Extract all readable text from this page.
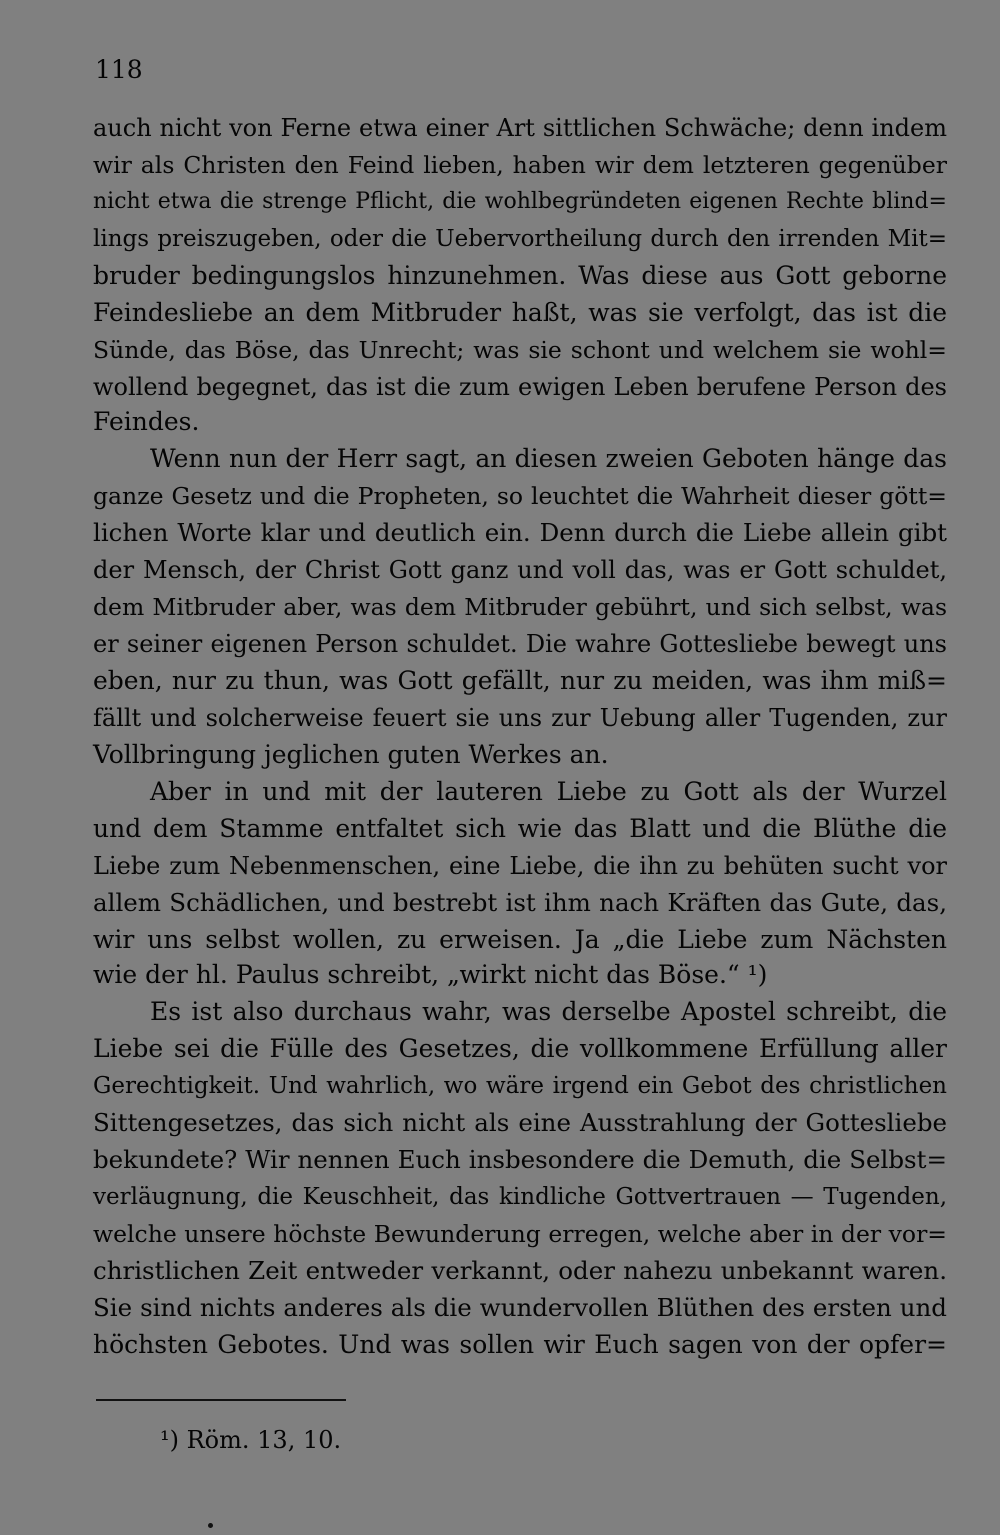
118

auch nicht von Ferne etwa einer Art sittlichen Schwäche; denn indem

wir als Christen den Feind lieben, haben wir dem letzteren gegenüber

nicht etwa die strenge Pflicht, die wohlbegründeten eigenen Rechte blind=

lings preiszugeben, oder die Uebervortheilung durch den irrenden Mit=

bruder bedingungslos hinzunehmen. Was diese aus Gott geborne

Feindesliebe an dem Mitbruder haßt, was sie verfolgt, das ist die

Sünde, das Böse, das Unrecht; was sie schont und welchem sie wohl=

wollend begegnet, das ist die zum ewigen Leben berufene Person des

Feindes.

Wenn nun der Herr sagt, an diesen zweien Geboten hänge das

ganze Gesetz und die Propheten, so leuchtet die Wahrheit dieser gött=

lichen Worte klar und deutlich ein. Denn durch die Liebe allein gibt

der Mensch, der Christ Gott ganz und voll das, was er Gott schuldet,

dem Mitbruder aber, was dem Mitbruder gebührt, und sich selbst, was

er seiner eigenen Person schuldet. Die wahre Gottesliebe bewegt uns

eben, nur zu thun, was Gott gefällt, nur zu meiden, was ihm miß=

fällt und solcherweise feuert sie uns zur Uebung aller Tugenden, zur

Vollbringung jeglichen guten Werkes an.

Aber in und mit der lauteren Liebe zu Gott als der Wurzel

und dem Stamme entfaltet sich wie das Blatt und die Blüthe die

Liebe zum Nebenmenschen, eine Liebe, die ihn zu behüten sucht vor

allem Schädlichen, und bestrebt ist ihm nach Kräften das Gute, das,

wir uns selbst wollen, zu erweisen. Ja „die Liebe zum Nächsten

wie der hl. Paulus schreibt, „wirkt nicht das Böse.“ ¹)

Es ist also durchaus wahr, was derselbe Apostel schreibt, die

Liebe sei die Fülle des Gesetzes, die vollkommene Erfüllung aller

Gerechtigkeit. Und wahrlich, wo wäre irgend ein Gebot des christlichen

Sittengesetzes, das sich nicht als eine Ausstrahlung der Gottesliebe

bekundete? Wir nennen Euch insbesondere die Demuth, die Selbst=

verläugnung, die Keuschheit, das kindliche Gottvertrauen — Tugenden,

welche unsere höchste Bewunderung erregen, welche aber in der vor=

christlichen Zeit entweder verkannt, oder nahezu unbekannt waren.

Sie sind nichts anderes als die wundervollen Blüthen des ersten und

höchsten Gebotes. Und was sollen wir Euch sagen von der opfer=

¹) Röm. 13, 10.
